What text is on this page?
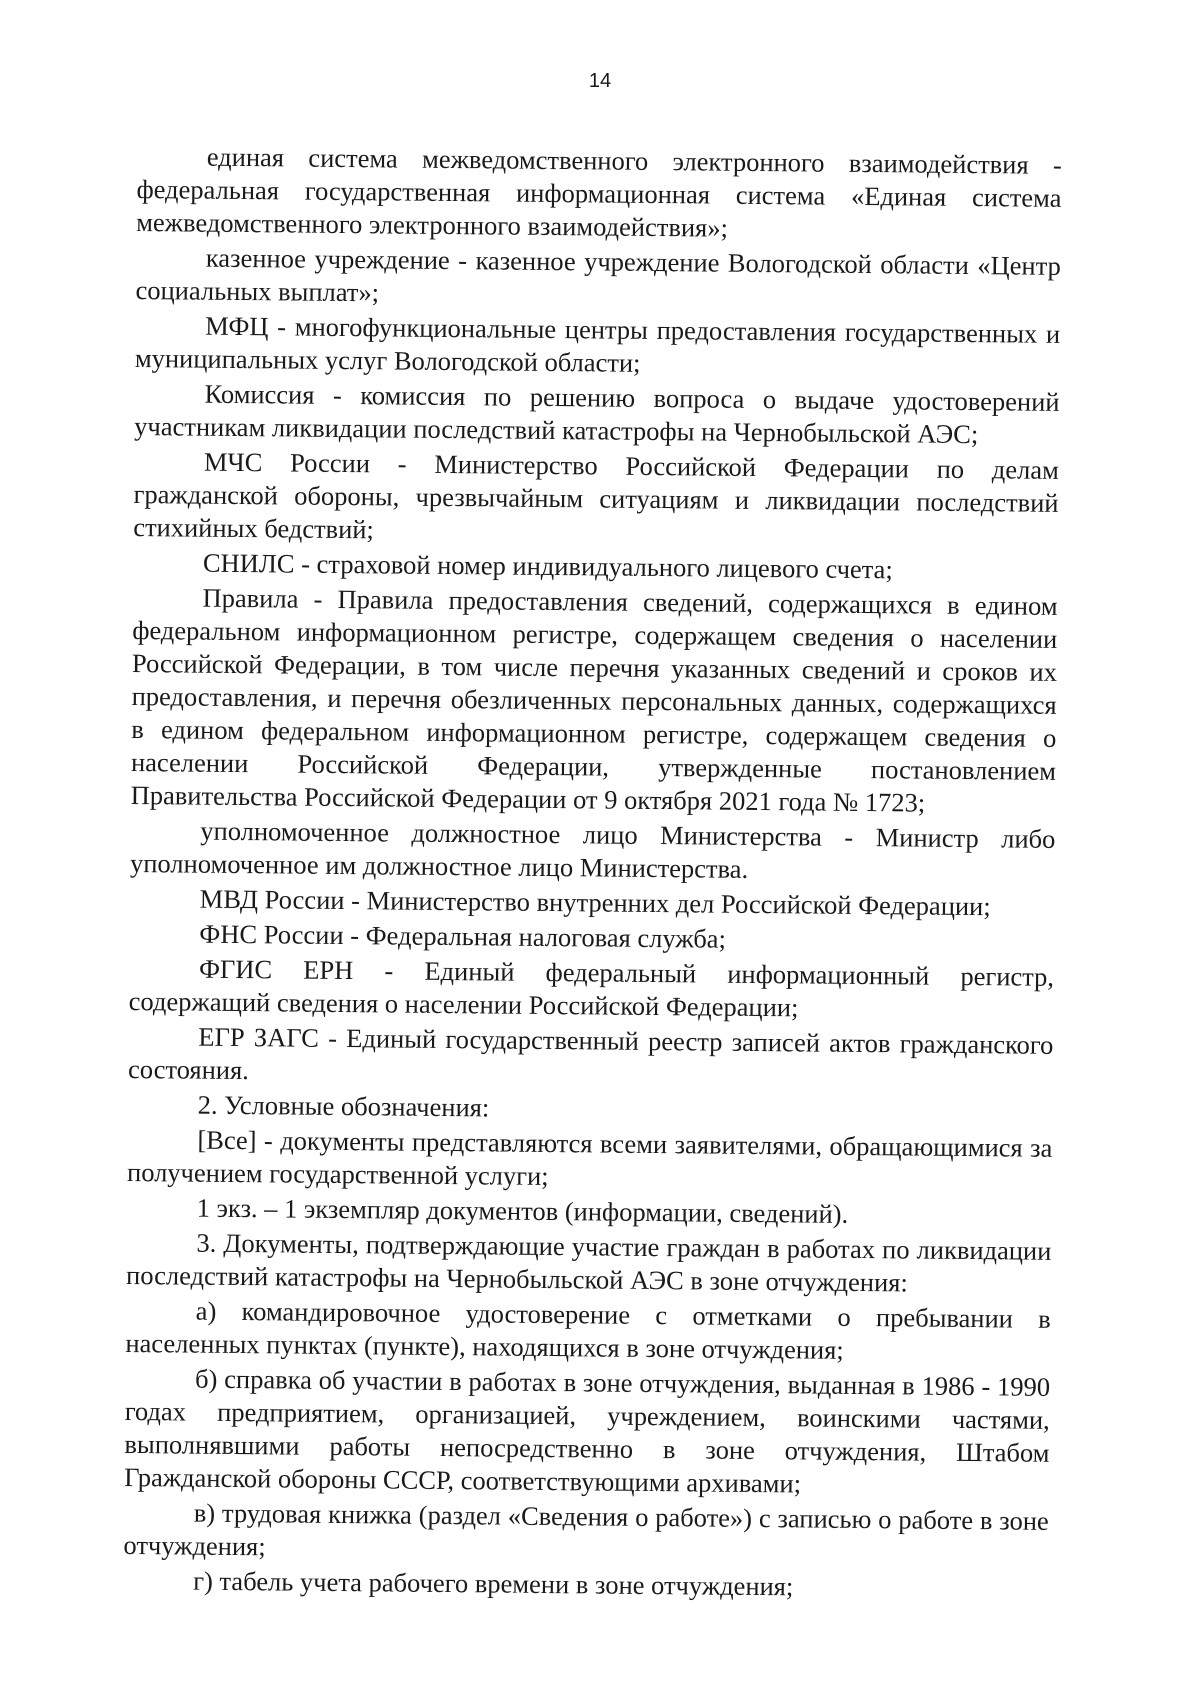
14

единая система межведомственного электронного взаимодействия - федеральная государственная информационная система «Единая система межведомственного электронного взаимодействия»;

казенное учреждение - казенное учреждение Вологодской области «Центр социальных выплат»;

МФЦ - многофункциональные центры предоставления государственных и муниципальных услуг Вологодской области;

Комиссия - комиссия по решению вопроса о выдаче удостоверений участникам ликвидации последствий катастрофы на Чернобыльской АЭС;

МЧС России - Министерство Российской Федерации по делам гражданской обороны, чрезвычайным ситуациям и ликвидации последствий стихийных бедствий;

СНИЛС - страховой номер индивидуального лицевого счета;

Правила - Правила предоставления сведений, содержащихся в едином федеральном информационном регистре, содержащем сведения о населении Российской Федерации, в том числе перечня указанных сведений и сроков их предоставления, и перечня обезличенных персональных данных, содержащихся в едином федеральном информационном регистре, содержащем сведения о населении Российской Федерации, утвержденные постановлением Правительства Российской Федерации от 9 октября 2021 года № 1723;

уполномоченное должностное лицо Министерства - Министр либо уполномоченное им должностное лицо Министерства.

МВД России - Министерство внутренних дел Российской Федерации;

ФНС России - Федеральная налоговая служба;

ФГИС ЕРН - Единый федеральный информационный регистр, содержащий сведения о населении Российской Федерации;

ЕГР ЗАГС - Единый государственный реестр записей актов гражданского состояния.

2. Условные обозначения:

[Все] - документы представляются всеми заявителями, обращающимися за получением государственной услуги;

1 экз. – 1 экземпляр документов (информации, сведений).

3. Документы, подтверждающие участие граждан в работах по ликвидации последствий катастрофы на Чернобыльской АЭС в зоне отчуждения:

а) командировочное удостоверение с отметками о пребывании в населенных пунктах (пункте), находящихся в зоне отчуждения;

б) справка об участии в работах в зоне отчуждения, выданная в 1986 - 1990 годах предприятием, организацией, учреждением, воинскими частями, выполнявшими работы непосредственно в зоне отчуждения, Штабом Гражданской обороны СССР, соответствующими архивами;

в) трудовая книжка (раздел «Сведения о работе») с записью о работе в зоне отчуждения;

г) табель учета рабочего времени в зоне отчуждения;
